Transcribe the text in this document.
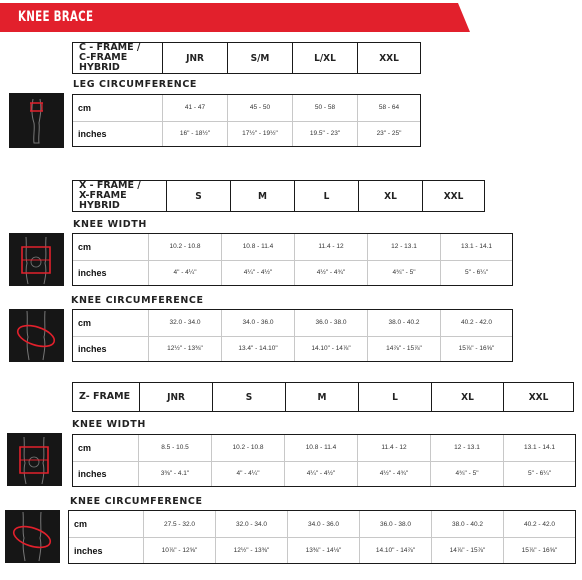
KNEE BRACE
C - FRAME /
C-FRAME HYBRID
JNR	S/M	L/XL	XXL
LEG CIRCUMFERENCE
cm	41 - 47	45 - 50	50 - 58	58 - 64
inches	16" - 18½"	17½" - 19½"	19.5" - 23"	23" - 25"
X - FRAME /
X-FRAME HYBRID
S	M	L	XL	XXL
KNEE WIDTH
cm	10.2 - 10.8	10.8 - 11.4	11.4 - 12	12 - 13.1	13.1 - 14.1
inches	4" - 4¼"	4¼" - 4½"	4½" - 4¾"	4¾" - 5"	5" - 6¼"
KNEE CIRCUMFERENCE
cm	32.0 - 34.0	34.0 - 36.0	36.0 - 38.0	38.0 - 40.2	40.2 - 42.0
inches	12½" - 13⅜"	13.4" - 14.10"	14.10" - 14⅞"	14⅞" - 15⅞"	15⅞" - 16⅝"
Z- FRAME	JNR	S	M	L	XL	XXL
KNEE WIDTH
cm	8.5 - 10.5	10.2 - 10.8	10.8 - 11.4	11.4 - 12	12 - 13.1	13.1 - 14.1
inches	3⅜" - 4.1"	4" - 4¼"	4¼" - 4½"	4½" - 4¾"	4¾" - 5"	5" - 6¼"
KNEE CIRCUMFERENCE
cm	27.5 - 32.0	32.0 - 34.0	34.0 - 36.0	36.0 - 38.0	38.0 - 40.2	40.2 - 42.0
inches	10⅞" - 12⅝"	12½" - 13⅜"	13⅜" - 14⅛"	14.10" - 14⅞"	14⅞" - 15⅞"	15⅞" - 16⅝"
